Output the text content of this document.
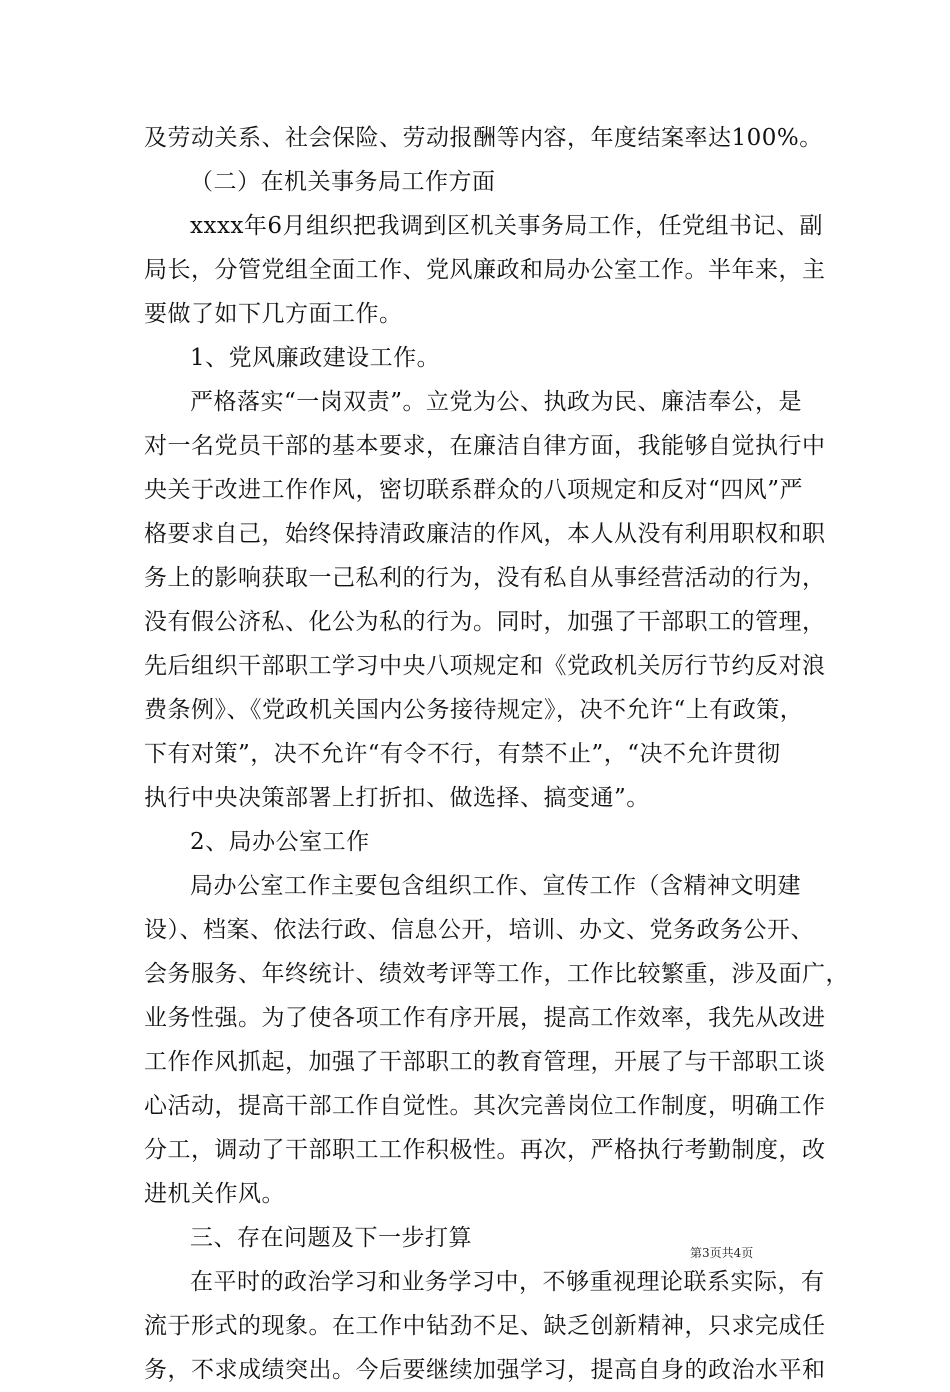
及劳动关系、社会保险、劳动报酬等内容，年度结案率达100%。
（二）在机关事务局工作方面
xxxx年6月组织把我调到区机关事务局工作，任党组书记、副
局长，分管党组全面工作、党风廉政和局办公室工作。半年来，主
要做了如下几方面工作。
1、党风廉政建设工作。
严格落实“一岗双责”。立党为公、执政为民、廉洁奉公，是
对一名党员干部的基本要求，在廉洁自律方面，我能够自觉执行中
央关于改进工作作风，密切联系群众的八项规定和反对“四风”严
格要求自己，始终保持清政廉洁的作风，本人从没有利用职权和职
务上的影响获取一己私利的行为，没有私自从事经营活动的行为，
没有假公济私、化公为私的行为。同时，加强了干部职工的管理，
先后组织干部职工学习中央八项规定和《党政机关厉行节约反对浪
费条例》、《党政机关国内公务接待规定》，决不允许“上有政策，
下有对策”，决不允许“有令不行，有禁不止”，“决不允许贯彻
执行中央决策部署上打折扣、做选择、搞变通”。
2、局办公室工作
局办公室工作主要包含组织工作、宣传工作（含精神文明建
设）、档案、依法行政、信息公开，培训、办文、党务政务公开、
会务服务、年终统计、绩效考评等工作，工作比较繁重，涉及面广，
业务性强。为了使各项工作有序开展，提高工作效率，我先从改进
工作作风抓起，加强了干部职工的教育管理，开展了与干部职工谈
心活动，提高干部工作自觉性。其次完善岗位工作制度，明确工作
分工，调动了干部职工工作积极性。再次，严格执行考勤制度，改
进机关作风。
三、存在问题及下一步打算
在平时的政治学习和业务学习中，不够重视理论联系实际，有
流于形式的现象。在工作中钻劲不足、缺乏创新精神，只求完成任
务，不求成绩突出。今后要继续加强学习，提高自身的政治水平和
第3页共4页
